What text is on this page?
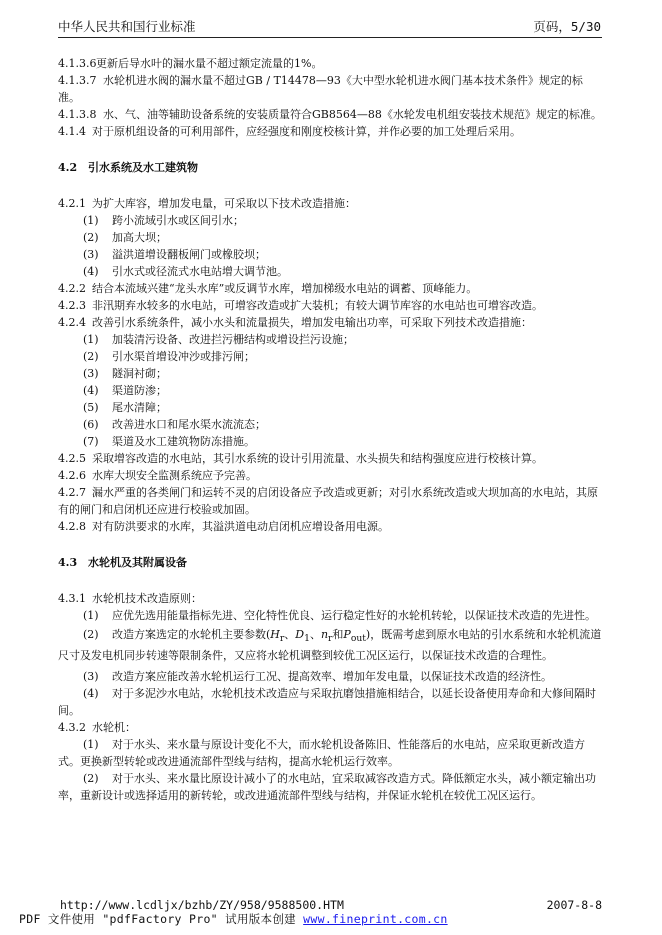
中华人民共和国行业标准	页码，5/30
4.1.3.6 更新后导水叶的漏水量不超过额定流量的1%。

4.1.3.7 水轮机进水阀的漏水量不超过GB / T14478—93《大中型水轮机进水阀门基本技术条件》规定的标准。

4.1.3.8 水、气、油等辅助设备系统的安装质量符合GB8564—88《水轮发电机组安装技术规范》规定的标准。

4.1.4 对于原机组设备的可利用部件，应经强度和刚度校核计算，并作必要的加工处理后采用。

4.2 引水系统及水工建筑物

4.2.1 为扩大库容，增加发电量，可采取以下技术改造措施：

(1)	跨小流域引水或区间引水；
(2)	加高大坝；
(3)	溢洪道增设翻板闸门或橡胶坝；
(4)	引水式或径流式水电站增大调节池。

4.2.2 结合本流域兴建“龙头水库”或反调节水库，增加梯级水电站的调蓄、顶峰能力。

4.2.3 非汛期弃水较多的水电站，可增容改造或扩大装机；有较大调节库容的水电站也可增容改造。

4.2.4 改善引水系统条件，减小水头和流量损失，增加发电输出功率，可采取下列技术改造措施：

(1)	加装清污设备、改进拦污栅结构或增设拦污设施；
(2)	引水渠首增设冲沙或排污闸；
(3)	隧洞衬砌；
(4)	渠道防渗；
(5)	尾水清障；
(6)	改善进水口和尾水渠水流流态；
(7)	渠道及水工建筑物防冻措施。

4.2.5 采取增容改造的水电站，其引水系统的设计引用流量、水头损失和结构强度应进行校核计算。

4.2.6 水库大坝安全监测系统应予完善。

4.2.7 漏水严重的各类闸门和运转不灵的启闭设备应予改造或更新；对引水系统改造或大坝加高的水电站，其原有的闸门和启闭机还应进行校验或加固。

4.2.8 对有防洪要求的水库，其溢洪道电动启闭机应增设备用电源。

4.3 水轮机及其附属设备

4.3.1 水轮机技术改造原则：

(1) 应优先选用能量指标先进、空化特性优良、运行稳定性好的水轮机转轮，以保证技术改造的先进性。

(2) 改造方案选定的水轮机主要参数($H_r$、$D_1$、$n_r$和$P_{out}$)，既需考虑到原水电站的引水系统和水轮机流道尺寸及发电机同步转速等限制条件，又应将水轮机调整到较优工况区运行，以保证技术改造的合理性。

(3) 改造方案应能改善水轮机运行工况、提高效率、增加年发电量，以保证技术改造的经济性。

(4) 对于多泥沙水电站，水轮机技术改造应与采取抗磨蚀措施相结合，以延长设备使用寿命和大修间隔时间。

4.3.2 水轮机：

(1) 对于水头、来水量与原设计变化不大，而水轮机设备陈旧、性能落后的水电站，应采取更新改造方式。更换新型转轮或改进通流部件型线与结构，提高水轮机运行效率。

(2) 对于水头、来水量比原设计减小了的水电站，宜采取减容改造方式。降低额定水头，减小额定输出功率，重新设计或选择适用的新转轮，或改进通流部件型线与结构，并保证水轮机在较优工况区运行。

http://www.lcdljx/bzhb/ZY/958/9588500.HTM	2007-8-8
PDF 文件使用 "pdfFactory Pro" 试用版本创建 www.fineprint.com.cn
